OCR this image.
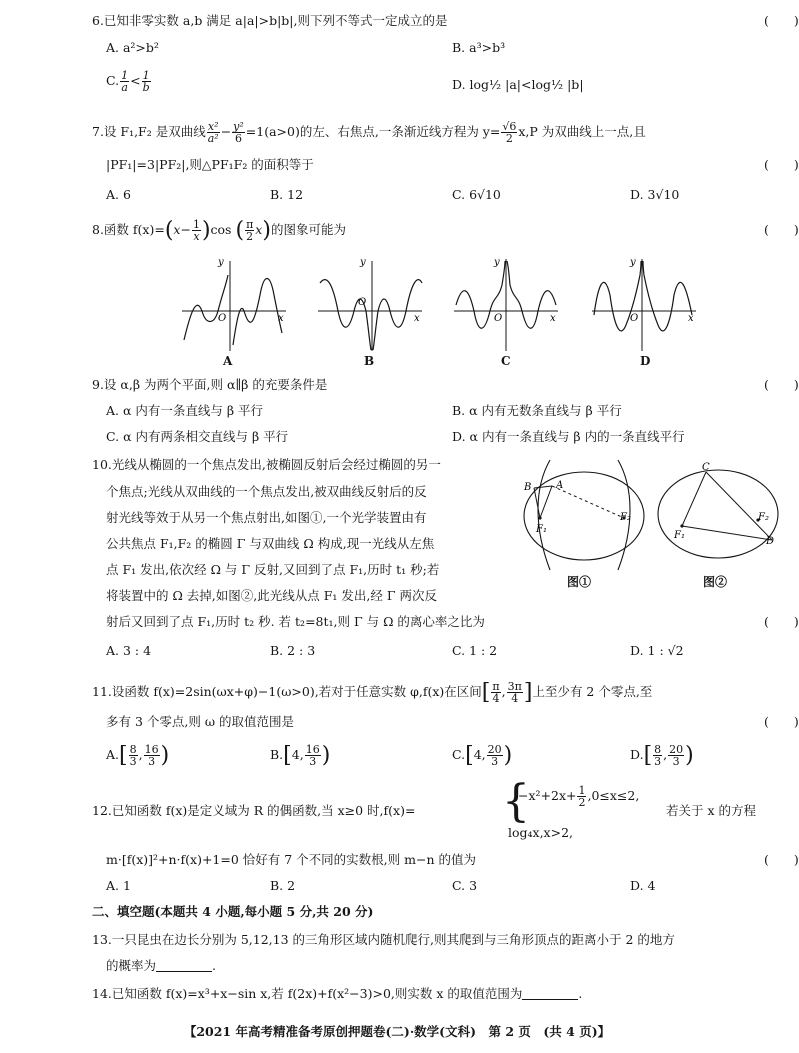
6.已知非零实数 a,b 满足 a|a|>b|b|,则下列不等式一定成立的是	(　　)
A. a²>b²	B. a³>b³
C. $\frac{1}{a} < \frac{1}{b}$	D. log½ |a|<log½ |b|
7.设 F₁,F₂ 是双曲线 $\frac{\text{x²}}{\text{a²}} - \frac{\text{y²}}{6} =1(a>0)$的左、右焦点,一条渐近线方程为 $y= \frac{√6}{2} x,P$ 为双曲线上一点,且
|PF₁|=3|PF₂|,则△PF₁F₂ 的面积等于	(　　)
A. 6	B. 12	C. 6√10	D. 3√10
8.函数 $f(x)=(x- \frac{1}{x} )\cos$ ( $\frac{\pi}{2} x$)的图象可能为	(　　)
y
x
O
A
y
x
O
B
y
x
O
C
y
x
O
D
9.设 α,β 为两个平面,则 α∥β 的充要条件是	(　　)
A. α 内有一条直线与 β 平行	B. α 内有无数条直线与 β 平行
C. α 内有两条相交直线与 β 平行	D. α 内有一条直线与 β 内的一条直线平行
10.光线从椭圆的一个焦点发出,被椭圆反射后会经过椭圆的另一
个焦点;光线从双曲线的一个焦点发出,被双曲线反射后的反
射光线等效于从另一个焦点射出,如图①,一个光学装置由有
公共焦点 F₁,F₂ 的椭圆 Γ 与双曲线 Ω 构成,现一光线从左焦
点 F₁ 发出,依次经 Ω 与 Γ 反射,又回到了点 F₁,历时 t₁ 秒;若
将装置中的 Ω 去掉,如图②,此光线从点 F₁ 发出,经 Γ 两次反
射后又回到了点 F₁,历时 t₂ 秒. 若 t₂=8t₁,则 Γ 与 Ω 的离心率之比为	(　　)
A. 3 : 4	B. 2 : 3	C. 1 : 2	D. 1 : √2
B A
F₁
F₂
图①
C
D
F₁
F₂
图②
11.设函数 f(x)=2sin(ωx+φ)−1(ω>0),若对于任意实数 φ,f(x)在区间[ $\frac{\pi}{4}$ , $\frac{3\pi}{4}$ ]上至少有 2 个零点,至
多有 3 个零点,则 ω 的取值范围是	(　　)
$A.[ \frac{8}{3}$ , $\frac{16}{3}$ )	B.[4, $\frac{16}{3}$ )	C.[4, $\frac{20}{3}$ )	$D.[ \frac{8}{3}$ , $\frac{20}{3}$ )
12.已知函数 f(x)是定义域为 R 的偶函数,当 x≥0 时,f(x)= {
$-x^2+2x+ \frac{1}{2} ,0\le x\le 2$,
log₄x,x>2,
若关于 x 的方程
m·[f(x)]²+n·f(x)+1=0 恰好有 7 个不同的实数根,则 m−n 的值为	(　　)
A. 1	B. 2	C. 3	D. 4
二、填空题(本题共 4 小题,每小题 5 分,共 20 分)
13.一只昆虫在边长分别为 5,12,13 的三角形区域内随机爬行,则其爬到与三角形顶点的距离小于 2 的地方
的概率为	.
14.已知函数 f(x)=x³+x−sin x,若 f(2x)+f(x²−3)>0,则实数 x 的取值范围为	.
【2021 年高考精准备考原创押题卷(二)·数学(文科)　第 2 页　(共 4 页)】
